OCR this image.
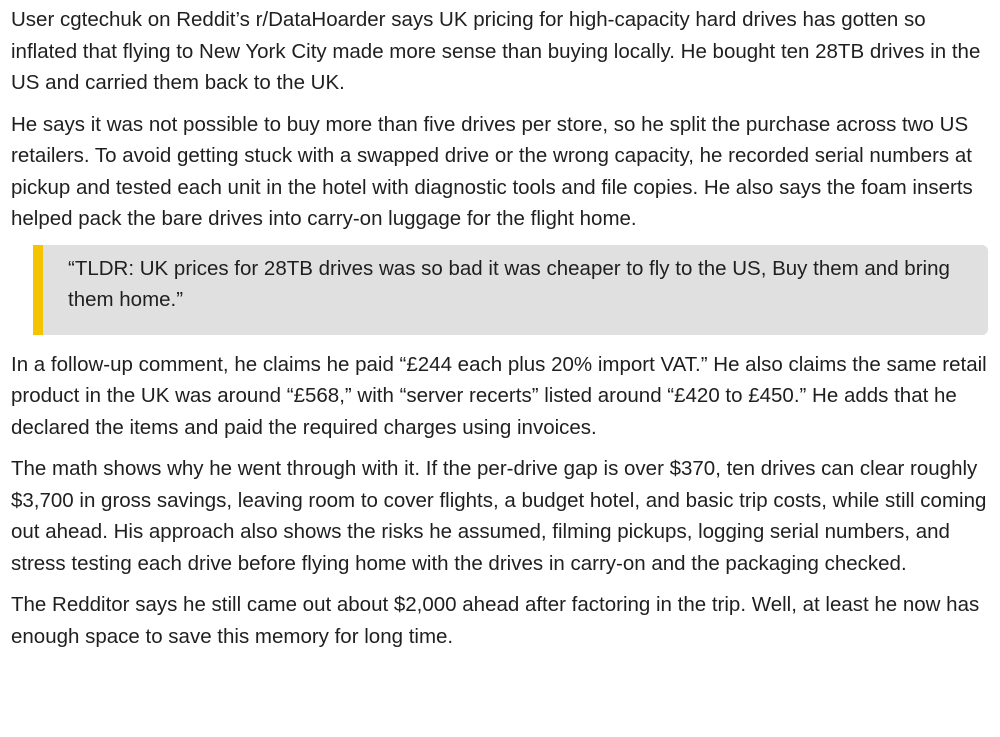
User cgtechuk on Reddit’s r/DataHoarder says UK pricing for high-capacity hard drives has gotten so inflated that flying to New York City made more sense than buying locally. He bought ten 28TB drives in the US and carried them back to the UK.

He says it was not possible to buy more than five drives per store, so he split the purchase across two US retailers. To avoid getting stuck with a swapped drive or the wrong capacity, he recorded serial numbers at pickup and tested each unit in the hotel with diagnostic tools and file copies. He also says the foam inserts helped pack the bare drives into carry-on luggage for the flight home.

“TLDR: UK prices for 28TB drives was so bad it was cheaper to fly to the US, Buy them and bring them home.”

In a follow-up comment, he claims he paid “£244 each plus 20% import VAT.” He also claims the same retail product in the UK was around “£568,” with “server recerts” listed around “£420 to £450.” He adds that he declared the items and paid the required charges using invoices.

The math shows why he went through with it. If the per-drive gap is over $370, ten drives can clear roughly $3,700 in gross savings, leaving room to cover flights, a budget hotel, and basic trip costs, while still coming out ahead. His approach also shows the risks he assumed, filming pickups, logging serial numbers, and stress testing each drive before flying home with the drives in carry-on and the packaging checked.

The Redditor says he still came out about $2,000 ahead after factoring in the trip. Well, at least he now has enough space to save this memory for long time.
